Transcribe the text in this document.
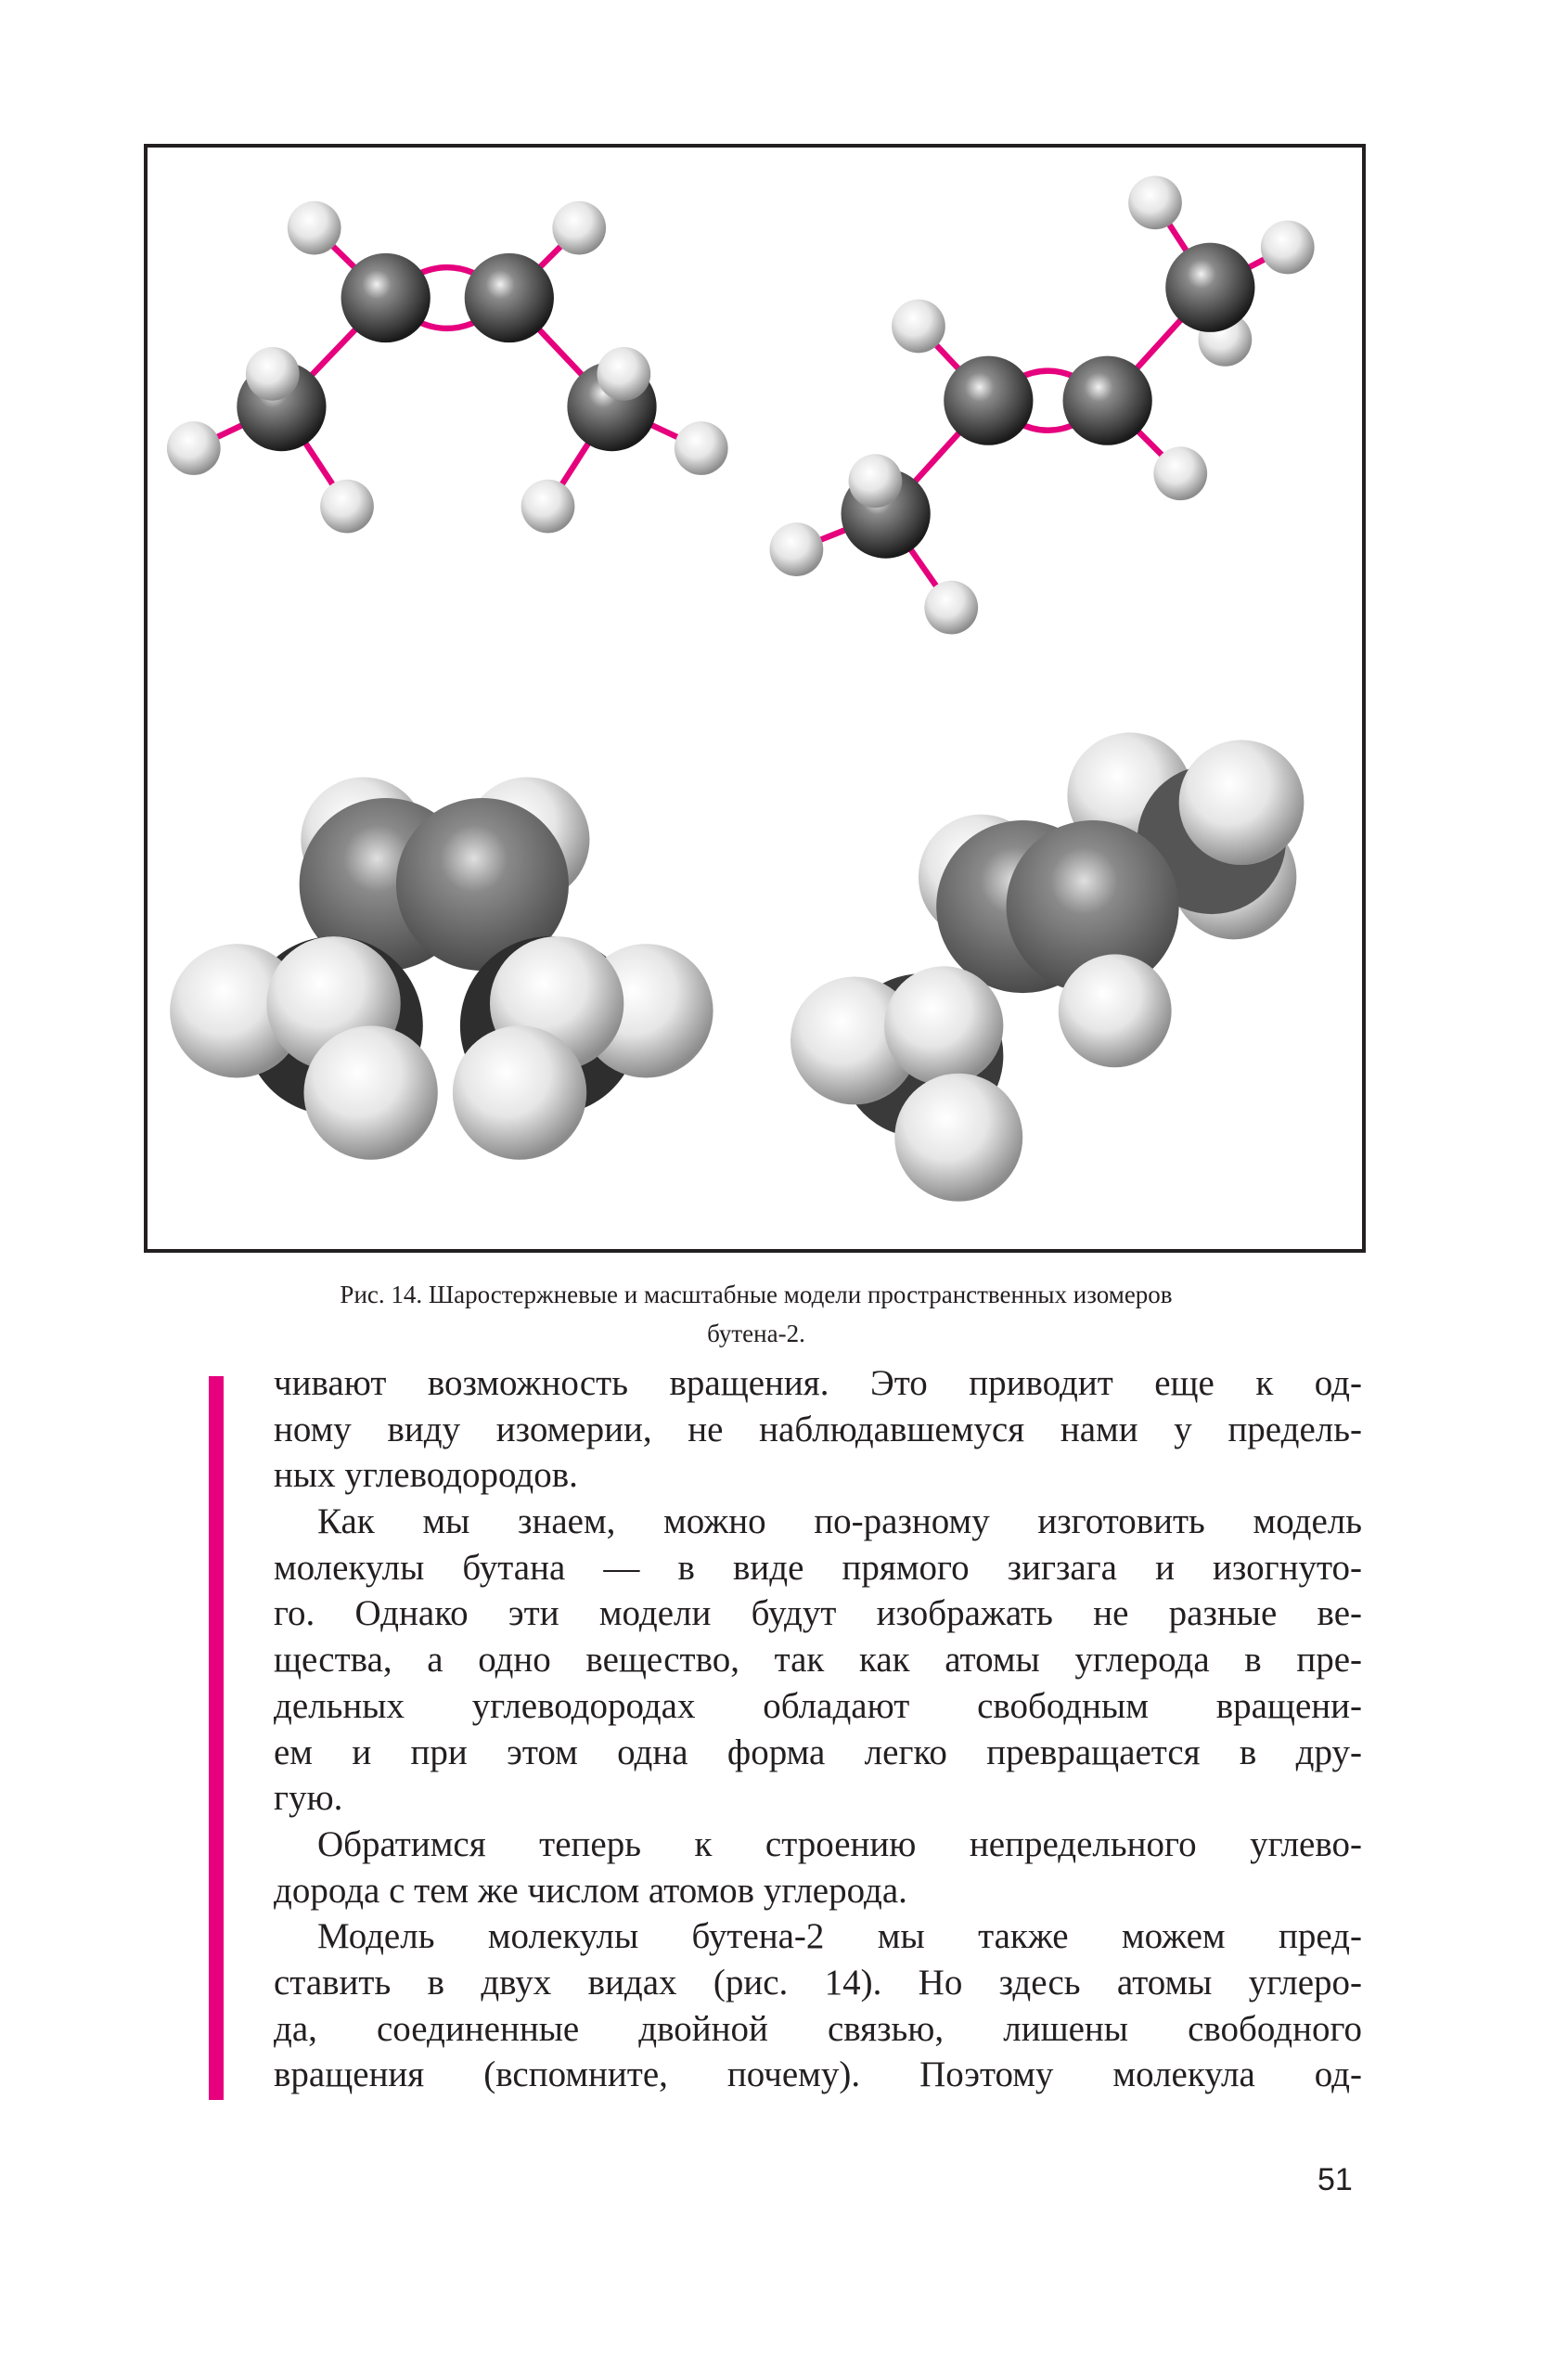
Рис. 14. Шаростержневые и масштабные модели пространственных изомеров
бутена-2.
чивают возможность вращения. Это приводит еще к од-
ному виду изомерии, не наблюдавшемуся нами у предель-
ных углеводородов.
Как мы знаем, можно по-разному изготовить модель
молекулы бутана — в виде прямого зигзага и изогнуто-
го. Однако эти модели будут изображать не разные ве-
щества, а одно вещество, так как атомы углерода в пре-
дельных углеводородах обладают свободным вращени-
ем и при этом одна форма легко превращается в дру-
гую.
Обратимся теперь к строению непредельного углево-
дорода с тем же числом атомов углерода.
Модель молекулы бутена-2 мы также можем пред-
ставить в двух видах (рис. 14). Но здесь атомы углеро-
да, соединенные двойной связью, лишены свободного
вращения (вспомните, почему). Поэтому молекула од-
51
